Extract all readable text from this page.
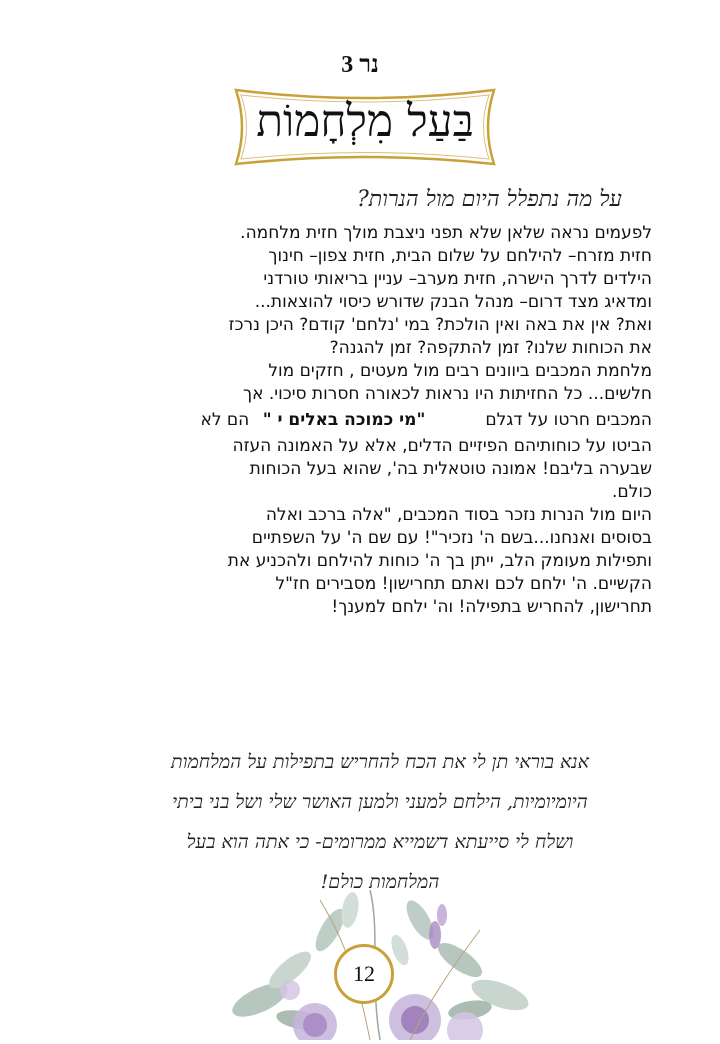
נר 3
בַּעַל מִלְחָמוֹת
על מה נתפלל היום מול הנרות?

לפעמים נראה שלאן שלא תפני ניצבת מולך חזית מלחמה.

חזית מזרח– להילחם על שלום הבית, חזית צפון– חינוך

הילדים לדרך הישרה, חזית מערב– עניין בריאותי טורדני

ומדאיג מצד דרום– מנהל הבנק שדורש כיסוי להוצאות...

ואת? אין את באה ואין הולכת? במי 'נלחם' קודם? היכן נרכז

את הכוחות שלנו? זמן להתקפה? זמן להגנה?

מלחמת המכבים ביוונים רבים מול מעטים , חזקים מול

חלשים... כל החזיתות היו נראות לכאורה חסרות סיכוי. אך

המכבים חרטו על דגלם"מי כמוכה באלים י " הם לא

הביטו על כוחותיהם הפיזיים הדלים, אלא על האמונה העזה

שבערה בליבם! אמונה טוטאלית בה', שהוא בעל הכוחות

כולם.

היום מול הנרות נזכר בסוד המכבים, "אלה ברכב ואלה

בסוסים ואנחנו...בשם ה' נזכיר"! עם שם ה' על השפתיים

ותפילות מעומק הלב, ייתן בך ה' כוחות להילחם ולהכניע את

הקשיים. ה' ילחם לכם ואתם תחרישון! מסבירים חז"ל

תחרישון, להחריש בתפילה! וה' ילחם למענך!

אנא בוראי תן לי את הכח להחריש בתפילות על המלחמות
היומיומיות, הילחם למעני ולמען האושר שלי ושל בני ביתי
ושלח לי סייעתא דשמייא ממרומים- כי אתה הוא בעל
המלחמות כולם!
12
